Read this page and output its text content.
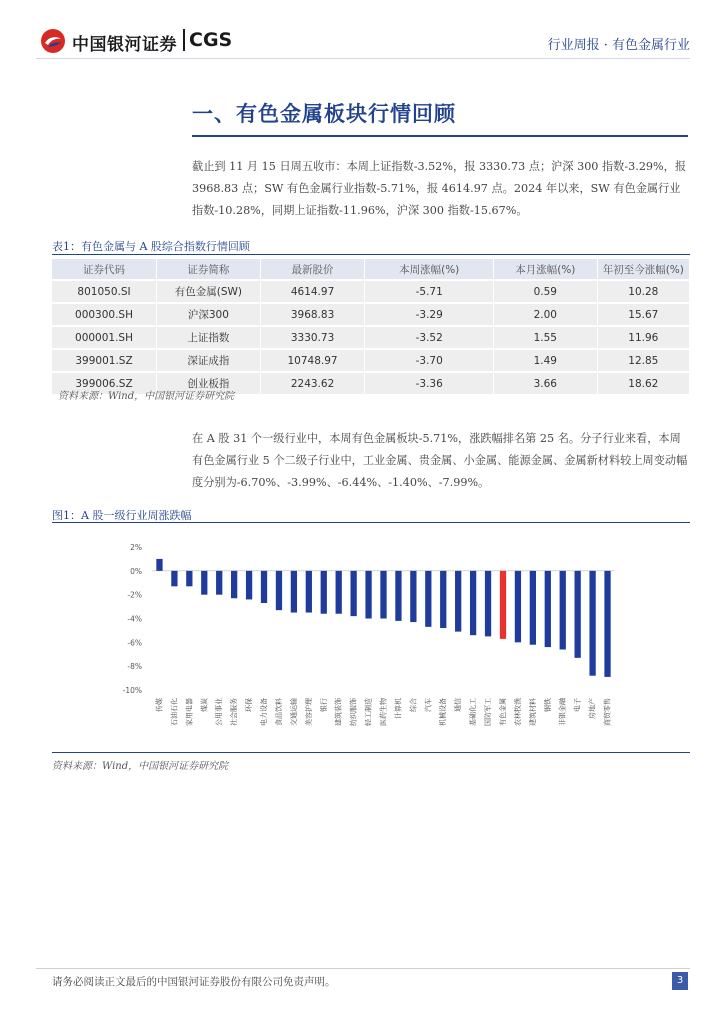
中国银河证券 CGS	行业周报 · 有色金属行业
一、有色金属板块行情回顾
截止到 11 月 15 日周五收市：本周上证指数-3.52%，报 3330.73 点；沪深 300 指数-3.29%，报 3968.83 点；SW 有色金属行业指数-5.71%，报 4614.97 点。2024 年以来，SW 有色金属行业指数-10.28%，同期上证指数-11.96%，沪深 300 指数-15.67%。
表1：有色金属与 A 股综合指数行情回顾
证券代码	证券简称	最新股价	本周涨幅(%)	本月涨幅(%)	年初至今涨幅(%)
801050.SI	有色金属(SW)	4614.97	-5.71	0.59	10.28
000300.SH	沪深300	3968.83	-3.29	2.00	15.67
000001.SH	上证指数	3330.73	-3.52	1.55	11.96
399001.SZ	深证成指	10748.97	-3.70	1.49	12.85
399006.SZ	创业板指	2243.62	-3.36	3.66	18.62
资料来源：Wind，中国银河证券研究院
在 A 股 31 个一级行业中，本周有色金属板块-5.71%，涨跌幅排名第 25 名。分子行业来看，本周有色金属行业 5 个二级子行业中，工业金属、贵金属、小金属、能源金属、金属新材料较上周变动幅度分别为-6.70%、-3.99%、-6.44%、-1.40%、-7.99%。
图1：A 股一级行业周涨跌幅
2%
0%
-2%
-4%
-6%
-8%
-10%
传媒 石油石化 家用电器 煤炭 公用事业 社会服务 环保 电力设备 食品饮料 交通运输 美容护理 银行 建筑装饰 纺织服饰 轻工制造 医药生物 计算机 综合 汽车 机械设备 通信 基础化工 国防军工 有色金属 农林牧渔 建筑材料 钢铁 非银金融 电子 房地产 商贸零售
资料来源：Wind，中国银河证券研究院
请务必阅读正文最后的中国银河证券股份有限公司免责声明。	3
